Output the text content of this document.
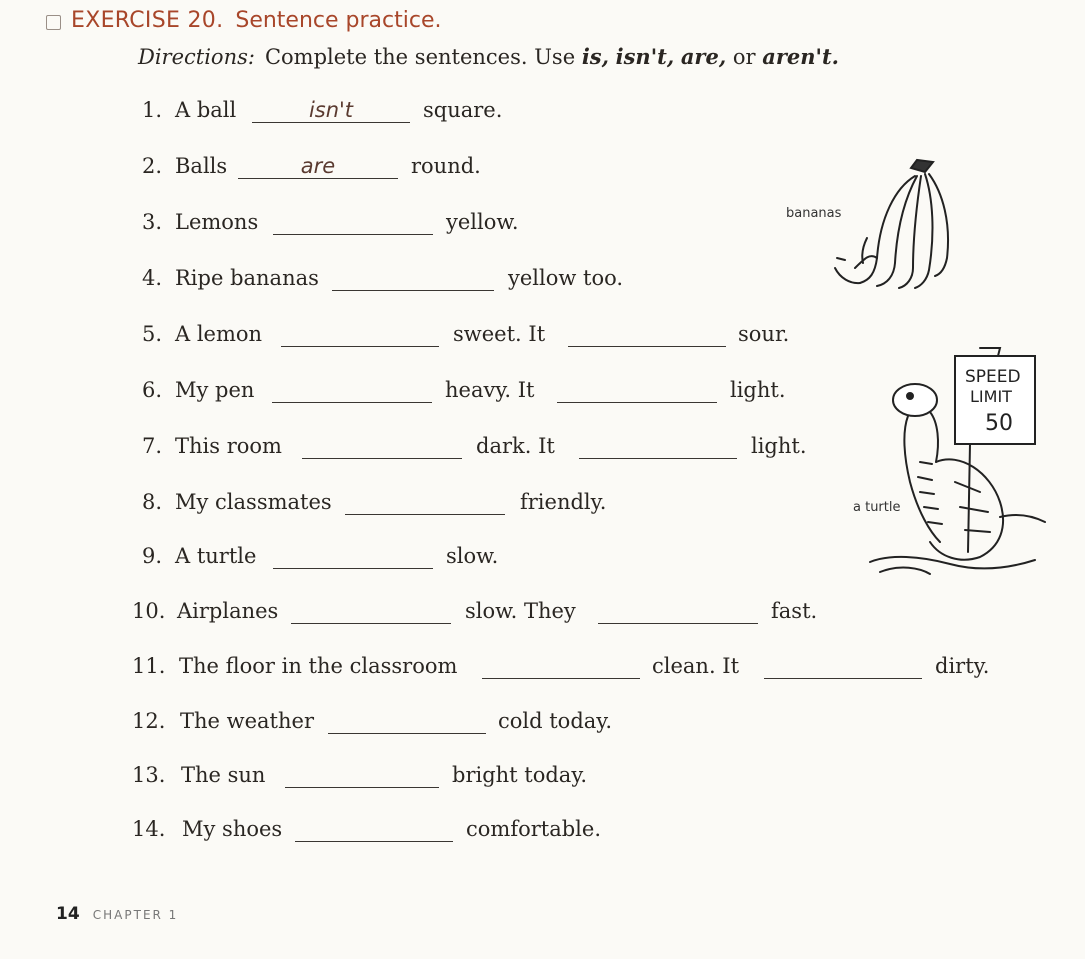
EXERCISE 20. Sentence practice.
Directions: Complete the sentences. Use is, isn't, are, or aren't.
1. A ball	isn't	square.
2. Balls	are	round.
3. Lemons	yellow.
4. Ripe bananas	yellow too.
5. A lemon	sweet. It	sour.
6. My pen	heavy. It	light.
7. This room	dark. It	light.
8. My classmates	friendly.
9. A turtle	slow.
10. Airplanes	slow. They	fast.
11. The floor in the classroom	clean. It	dirty.
12. The weather	cold today.
13. The sun	bright today.
14. My shoes	comfortable.
bananas
a turtle
SPEED
LIMIT
50
14 CHAPTER 1
